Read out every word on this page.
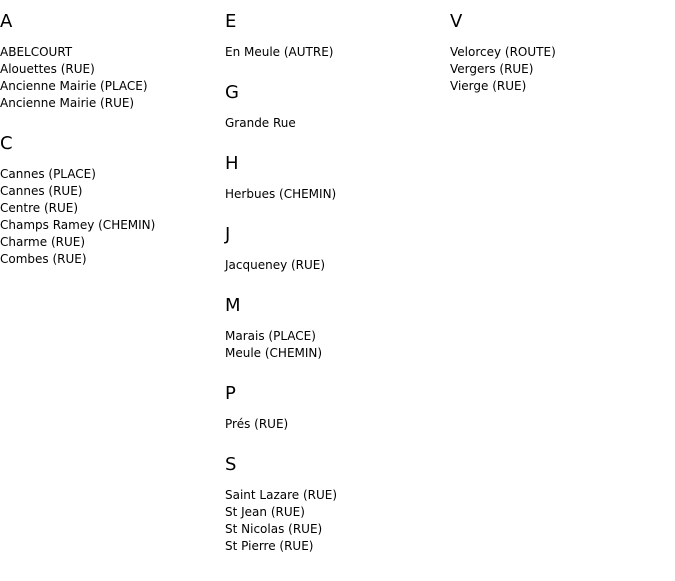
A
ABELCOURT
Alouettes (RUE)
Ancienne Mairie (PLACE)
Ancienne Mairie (RUE)
C
Cannes (PLACE)
Cannes (RUE)
Centre (RUE)
Champs Ramey (CHEMIN)
Charme (RUE)
Combes (RUE)
E
En Meule (AUTRE)
G
Grande Rue
H
Herbues (CHEMIN)
J
Jacqueney (RUE)
M
Marais (PLACE)
Meule (CHEMIN)
P
Prés (RUE)
S
Saint Lazare (RUE)
St Jean (RUE)
St Nicolas (RUE)
St Pierre (RUE)
V
Velorcey (ROUTE)
Vergers (RUE)
Vierge (RUE)
